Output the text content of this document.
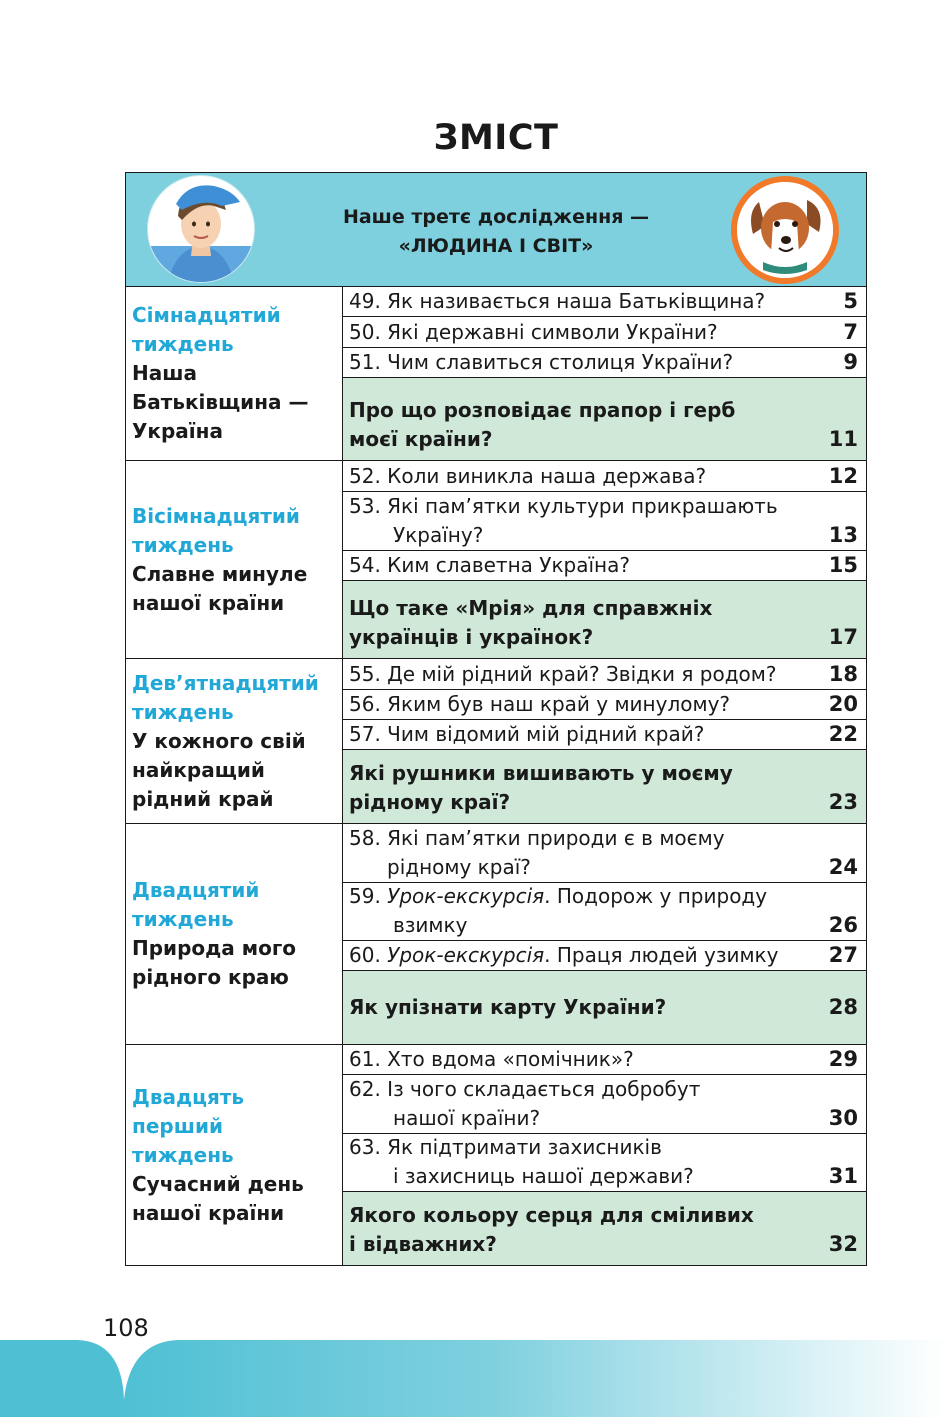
ЗМІСТ
Наше третє дослідження —
«ЛЮДИНА І СВІТ»
Сімнадцятий тиждень
Наша Батьківщина — Україна
49. Як називається наша Батьківщина?	5
50. Які державні символи України?	7
51. Чим славиться столиця України?	9
Про що розповідає прапор і герб
моєї країни?	11
Вісімнадцятий тиждень
Славне минуле нашої країни
52. Коли виникла наша держава?	12
53. Які пам’ятки культури прикрашають
Україну?	13
54. Ким славетна Україна?	15
Що таке «Мрія» для справжніх
українців і українок?	17
Дев’ятнадцятий тиждень
У кожного свій найкращий рідний край
55. Де мій рідний край? Звідки я родом?	18
56. Яким був наш край у минулому?	20
57. Чим відомий мій рідний край?	22
Які рушники вишивають у моєму
рідному краї?	23
Двадцятий тиждень
Природа мого рідного краю
58. Які пам’ятки природи є в моєму
рідному краї?	24
59. Урок-екскурсія. Подорож у природу
взимку	26
60. Урок-екскурсія. Праця людей узимку	27
Як упізнати карту України?	28
Двадцять перший тиждень
Сучасний день нашої країни
61. Хто вдома «помічник»?	29
62. Із чого складається добробут
нашої країни?	30
63. Як підтримати захисників
і захисниць нашої держави?	31
Якого кольору серця для сміливих
і відважних?	32
108
